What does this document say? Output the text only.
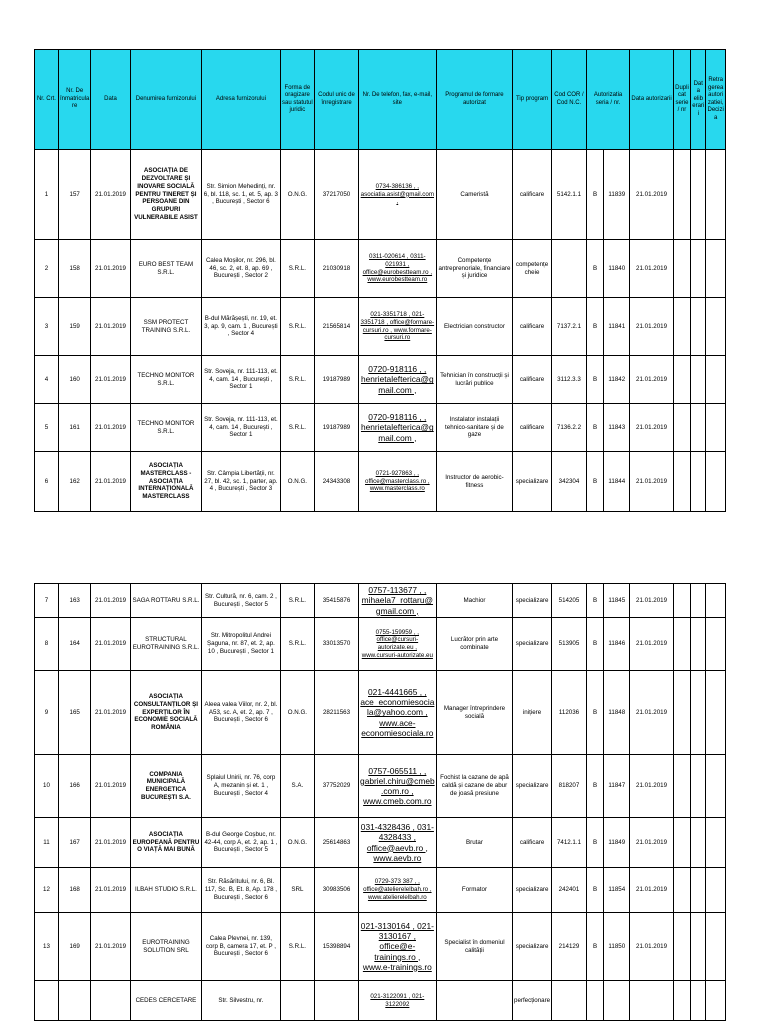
Nr. Crt.	Nr. De înmatriculare	Data	Denumirea furnizorului	Adresa furnizorului	Forma de oragizare sau statutul juridic	Codul unic de înregistrare	Nr. De telefon, fax, e-mail, site	Programul de formare autorizat	Tip program	Cod COR / Cod N.C.	Autorizatia seria / nr.		Data autorizarii	Duplicat serie / nr	Dat a eliberarii	Retragerea autorizatiei, Decizia
1	157	21.01.2019	ASOCIAȚIA DE DEZVOLTARE ȘI INOVARE SOCIALĂ PENTRU TINERET ȘI PERSOANE DIN GRUPURI VULNERABILE ASIST	Str. Simion Mehedinți, nr. 6, bl. 118, sc. 1, et. 5, ap. 3 , București , Sector 6	O.N.G.	37217050	0734-386136 , , asociatia.asist@gmail.com ,	Cameristă	calificare	5142.1.1	B	11839	21.01.2019			
2	158	21.01.2019	EURO BEST TEAM S.R.L.	Calea Moșilor, nr. 296, bl. 46, sc. 2, et. 8, ap. 69 , București , Sector 2	S.R.L.	21030918	0311-020614 , 0311-021931 , office@eurobestteam.ro , www.eurobestteam.ro	Competențe antreprenoriale, financiare și juridice	competențe cheie		B	11840	21.01.2019			
3	159	21.01.2019	SSM PROTECT TRAINING S.R.L.	B-dul Mărășești, nr. 19, et. 3, ap. 9, cam. 1 , București , Sector 4	S.R.L.	21565814	021-3351718 , 021-3351718 , office@formare-cursuri.ro , www.formare-cursuri.ro	Electrician constructor	calificare	7137.2.1	B	11841	21.01.2019			
4	160	21.01.2019	TECHNO MONITOR S.R.L.	Str. Soveja, nr. 111-113, et. 4, cam. 14 , București , Sector 1	S.R.L.	19187989	0720-918116 , , henrietalefterica@gmail.com ,	Tehnician în construcții și lucrări publice	calificare	3112.3.3	B	11842	21.01.2019			
5	161	21.01.2019	TECHNO MONITOR S.R.L.	Str. Soveja, nr. 111-113, et. 4, cam. 14 , București , Sector 1	S.R.L.	19187989	0720-918116 , , henrietalefterica@gmail.com ,	Instalator instalații tehnico-sanitare și de gaze	calificare	7136.2.2	B	11843	21.01.2019			
6	162	21.01.2019	ASOCIAȚIA MASTERCLASS - ASOCIAȚIA INTERNAȚIONALĂ MASTERCLASS	Str. Câmpia Libertății, nr. 27, bl. 42, sc. 1, parter, ap. 4 , București , Sector 3	O.N.G.	24343308	0721-927863 , , office@masterclass.ro , www.masterclass.ro	Instructor de aerobic-fitness	specializare	342304	B	11844	21.01.2019			
7	163	21.01.2019	SAGA ROTTARU S.R.L.	Str. Cultură, nr. 6, cam. 2 , București , Sector 5	S.R.L.	35415876	0757-113677 , , mihaela7_rottaru@gmail.com ,	Machior	specializare	514205	B	11845	21.01.2019			
8	164	21.01.2019	STRUCTURAL EUROTRAINING S.R.L.	Str. Mitropolitul Andrei Șaguna, nr. 87, et. 2, ap. 10 , București , Sector 1	S.R.L.	33013570	0755-159959 , , office@cursuri-autorizate.eu , www.cursuri-autorizate.eu	Lucrător prin arte combinate	specializare	513905	B	11846	21.01.2019			
9	165	21.01.2019	ASOCIAȚIA CONSULTANȚILOR ȘI EXPERȚILOR ÎN ECONOMIE SOCIALĂ ROMÂNIA	Aleea valea Viilor, nr. 2, bl. A53, sc. A, et. 2, ap. 7 , București , Sector 6	O.N.G.	28211563	021-4441665 , , ace_economiesociala@yahoo.com , www.ace-economiesociala.ro	Manager întreprindere socială	inițiere	112036	B	11848	21.01.2019			
10	166	21.01.2019	COMPANIA MUNICIPALĂ ENERGETICA BUCUREȘTI S.A.	Splaiul Unirii, nr. 76, corp A, mezanin și et. 1 , București , Sector 4	S.A.	37752029	0757-065511 , , gabriel.chiru@cmeb.com.ro , www.cmeb.com.ro	Fochist la cazane de apă caldă și cazane de abur de joasă presiune	specializare	818207	B	11847	21.01.2019			
11	167	21.01.2019	ASOCIAȚIA EUROPEANĂ PENTRU O VIAȚĂ MAI BUNĂ	B-dul George Coșbuc, nr. 42-44, corp A, et. 2, ap. 1 , București , Sector 5	O.N.G.	25614863	031-4328436 , 031-4328433 , office@aevb.ro , www.aevb.ro	Brutar	calificare	7412.1.1	B	11849	21.01.2019			
12	168	21.01.2019	ILBAH STUDIO S.R.L.	Str. Răsăritului, nr. 6, Bl. 117, Sc. B, Et. 8, Ap. 178 , București , Sector 6	SRL	30983506	0729-373 387 , , office@atelierelelbah.ro , www.atelierelelbah.ro	Formator	specializare	242401	B	11854	21.01.2019			
13	169	21.01.2019	EUROTRAINING SOLUTION SRL	Calea Plevnei, nr. 139, corp B, camera 17, et. P , București , Sector 6	S.R.L.	15398894	021-3130164 , 021-3130167 , office@e-trainings.ro , www.e-trainings.ro	Specialist în domeniul calității	specializare	214129	B	11850	21.01.2019			
			CEDES CERCETARE	Str. Silvestru, nr.			021-3122091 , 021-3122092		perfecționare							
